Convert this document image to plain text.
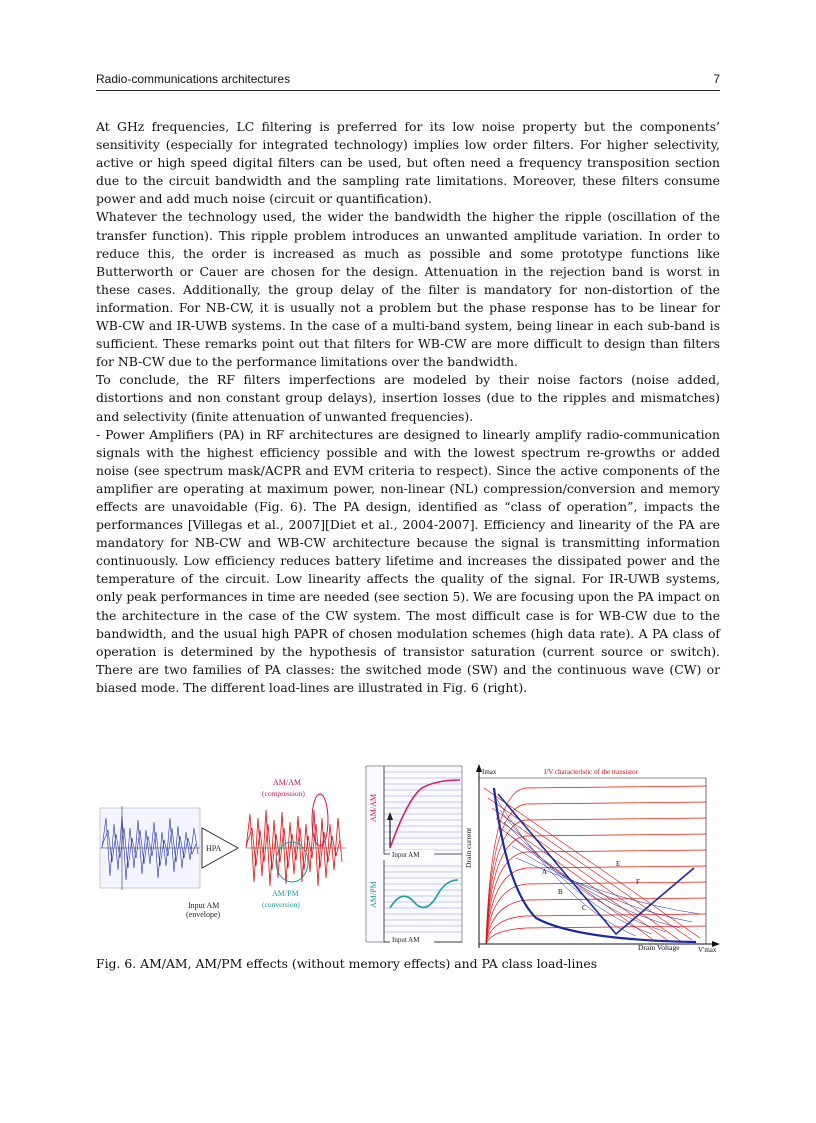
Radio-communications architectures	7

At GHz frequencies, LC filtering is preferred for its low noise property but the components’ sensitivity (especially for integrated technology) implies low order filters. For higher selectivity, active or high speed digital filters can be used, but often need a frequency transposition section due to the circuit bandwidth and the sampling rate limitations. Moreover, these filters consume power and add much noise (circuit or quantification).

Whatever the technology used, the wider the bandwidth the higher the ripple (oscillation of the transfer function). This ripple problem introduces an unwanted amplitude variation. In order to reduce this, the order is increased as much as possible and some prototype functions like Butterworth or Cauer are chosen for the design. Attenuation in the rejection band is worst in these cases. Additionally, the group delay of the filter is mandatory for non-distortion of the information. For NB-CW, it is usually not a problem but the phase response has to be linear for WB-CW and IR-UWB systems. In the case of a multi-band system, being linear in each sub-band is sufficient. These remarks point out that filters for WB-CW are more difficult to design than filters for NB-CW due to the performance limitations over the bandwidth.

To conclude, the RF filters imperfections are modeled by their noise factors (noise added, distortions and non constant group delays), insertion losses (due to the ripples and mismatches) and selectivity (finite attenuation of unwanted frequencies).

- Power Amplifiers (PA) in RF architectures are designed to linearly amplify radio-communication signals with the highest efficiency possible and with the lowest spectrum re-growths or added noise (see spectrum mask/ACPR and EVM criteria to respect). Since the active components of the amplifier are operating at maximum power, non-linear (NL) compression/conversion and memory effects are unavoidable (Fig. 6). The PA design, identified as “class of operation”, impacts the performances [Villegas et al., 2007][Diet et al., 2004-2007]. Efficiency and linearity of the PA are mandatory for NB-CW and WB-CW architecture because the signal is transmitting information continuously. Low efficiency reduces battery lifetime and increases the dissipated power and the temperature of the circuit. Low linearity affects the quality of the signal. For IR-UWB systems, only peak performances in time are needed (see section 5). We are focusing upon the PA impact on the architecture in the case of the CW system. The most difficult case is for WB-CW due to the bandwidth, and the usual high PAPR of chosen modulation schemes (high data rate). A PA class of operation is determined by the hypothesis of transistor saturation (current source or switch). There are two families of PA classes: the switched mode (SW) and the continuous wave (CW) or biased mode. The different load-lines are illustrated in Fig. 6 (right).

Input AM
(envelope)
HPA
AM/AM
(compression)
AM/PM
(conversion)
AM/AM
AM/PM
Input AM
Input AM
Imax	I/V characteristic of the transistor
Drain current
Drain Voltage	V'max
A
B
C
E
F
Fig. 6. AM/AM, AM/PM effects (without memory effects) and PA class load-lines
